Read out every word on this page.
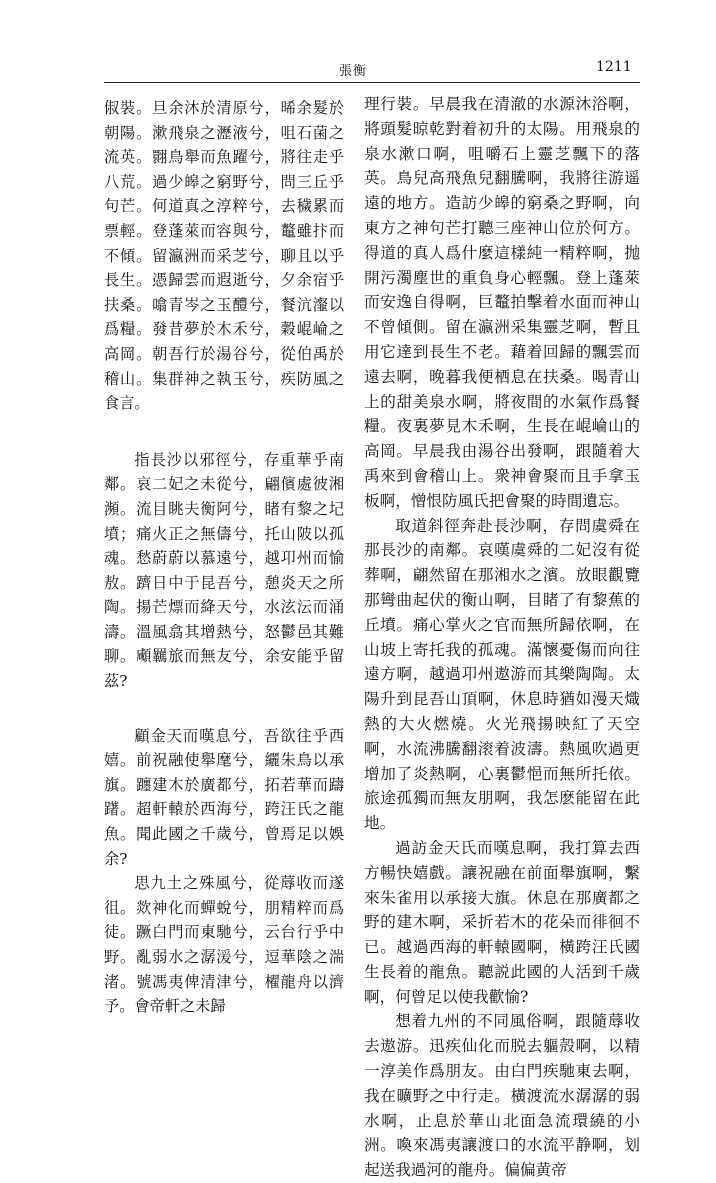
張衡	1211

俶裝。旦余沐於清原兮，晞余髮於朝陽。漱飛泉之瀝液兮，咀石菌之流英。翾鳥舉而魚躍兮，將往走乎八荒。過少皞之窮野兮，問三丘乎句芒。何道真之淳粹兮，去穢累而票輕。登蓬萊而容與兮，鼇雖抃而不傾。留瀛洲而采芝兮，聊且以乎長生。憑歸雲而遐逝兮，夕余宿乎扶桑。噏青岑之玉醴兮，餐沆瀣以爲糧。發昔夢於木禾兮，穀崐崘之高岡。朝吾行於湯谷兮，從伯禹於稽山。集群神之執玉兮，疾防風之食言。

指長沙以邪徑兮，存重華乎南鄰。哀二妃之未從兮，翩儐處彼湘瀕。流目眺夫衡阿兮，睹有黎之圮墳；痛火正之無儔兮，托山陂以孤魂。愁蔚蔚以慕遠兮，越卭州而愉敖。躋日中于昆吾兮，憩炎天之所陶。揚芒熛而絳天兮，水泫沄而涌濤。溫風翕其增熱兮，怒鬱邑其難聊。顑羈旅而無友兮，余安能乎留茲?

顧金天而嘆息兮，吾欲往乎西嬉。前祝融使舉麾兮，纚朱鳥以承旗。躔建木於廣都兮，拓若華而躊躇。超軒轅於西海兮，跨汪氏之龍魚。聞此國之千歲兮，曾焉足以娛余?

思九土之殊風兮，從蓐收而遂徂。欻神化而蟬蛻兮，朋精粹而爲徒。蹶白門而東馳兮，云台行乎中野。亂弱水之潺湲兮，逗華陰之湍渚。號馮夷俾清津兮，櫂龍舟以濟予。會帝軒之未歸

理行裝。早晨我在清澈的水源沐浴啊，將頭髮晾乾對着初升的太陽。用飛泉的泉水漱口啊，咀嚼石上靈芝飄下的落英。鳥兒高飛魚兒翻騰啊，我將往游遥遠的地方。造訪少皞的窮桑之野啊，向東方之神句芒打聽三座神山位於何方。得道的真人爲什麼這樣純一精粹啊，抛開污濁塵世的重負身心輕飄。登上蓬萊而安逸自得啊，巨鼇拍擊着水面而神山不曾傾側。留在瀛洲采集靈芝啊，暫且用它達到長生不老。藉着回歸的飄雲而遠去啊，晚暮我便栖息在扶桑。喝青山上的甜美泉水啊，將夜間的水氣作爲餐糧。夜裏夢見木禾啊，生長在崐崘山的高岡。早晨我由湯谷出發啊，跟隨着大禹來到會稽山上。衆神會聚而且手拿玉板啊，憎恨防風氏把會聚的時間遺忘。

取道斜徑奔赴長沙啊，存問虞舜在那長沙的南鄰。哀嘆虞舜的二妃沒有從葬啊，翩然留在那湘水之濱。放眼觀覽那彎曲起伏的衡山啊，目睹了有黎蕉的丘墳。痛心掌火之官而無所歸依啊，在山坡上寄托我的孤魂。滿懷憂傷而向往遠方啊，越過卭州遨游而其樂陶陶。太陽升到昆吾山頂啊，休息時猶如漫天熾熱的大火燃燒。火光飛揚映紅了天空啊，水流沸騰翻滚着波濤。熱風吹過更增加了炎熱啊，心裏鬱悒而無所托依。旅途孤獨而無友朋啊，我怎麽能留在此地。

過訪金天氏而嘆息啊，我打算去西方暢快嬉戲。讓祝融在前面舉旗啊，繫來朱雀用以承接大旗。休息在那廣都之野的建木啊，采折若木的花朵而徘徊不已。越過西海的軒轅國啊，橫跨汪氏國生長着的龍魚。聽説此國的人活到千歲啊，何曾足以使我歡愉?

想着九州的不同風俗啊，跟隨蓐收去遨游。迅疾仙化而脱去軀殻啊，以精一淳美作爲朋友。由白門疾馳東去啊，我在曠野之中行走。橫渡流水潺潺的弱水啊，止息於華山北面急流環繞的小洲。喚來馮夷讓渡口的水流平静啊，划起送我過河的龍舟。偏偏黄帝
